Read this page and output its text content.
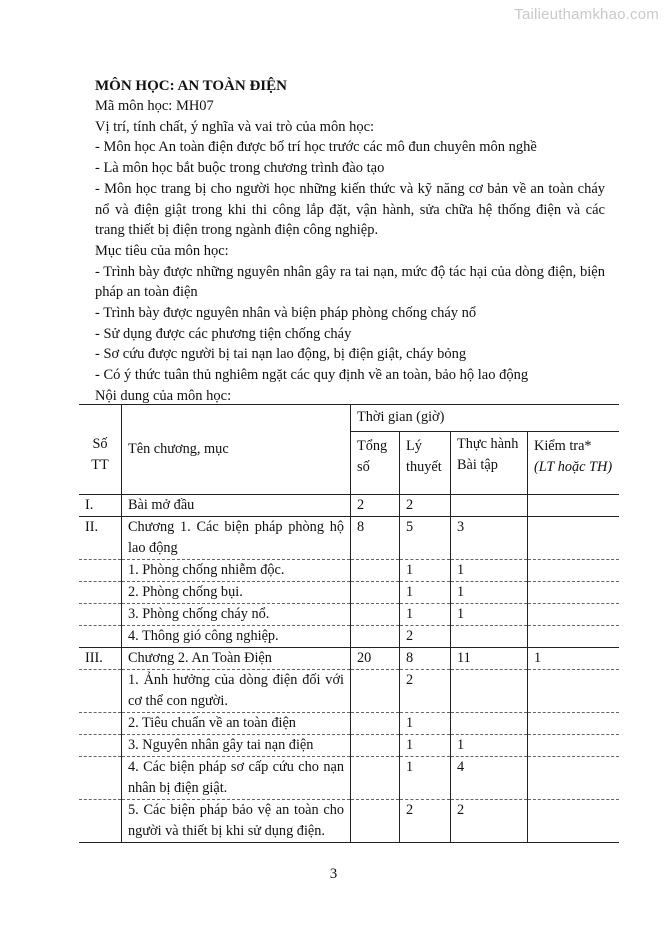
Tailieuthamkhao.com

MÔN HỌC: AN TOÀN ĐIỆN

Mã môn học: MH07

Vị trí, tính chất, ý nghĩa và vai trò của môn học:

- Môn học An toàn điện được bố trí học trước các mô đun chuyên môn nghề

- Là môn học bắt buộc trong chương trình đào tạo

- Môn học trang bị cho người học những kiến thức và kỹ năng cơ bản về an toàn cháy nổ và điện giật trong khi thi công lắp đặt, vận hành, sửa chữa hệ thống điện và các trang thiết bị điện trong ngành điện công nghiệp.

Mục tiêu của môn học:

- Trình bày được những nguyên nhân gây ra tai nạn, mức độ tác hại của dòng điện, biện pháp an toàn điện

- Trình bày được nguyên nhân và biện pháp phòng chống cháy nổ

- Sử dụng được các phương tiện chống cháy

- Sơ cứu được người bị tai nạn lao động, bị điện giật, cháy bỏng

- Có ý thức tuân thủ nghiêm ngặt các quy định về an toàn, bảo hộ lao động

Nội dung của môn học:

Số TT	Tên chương, mục	Thời gian (giờ)			
		Tổng số	Lý thuyết	Thực hành Bài tập	Kiểm tra*
(LT hoặc TH)

I.	Bài mở đầu	2	2		
II.	Chương 1. Các biện pháp phòng hộ lao động	8	5	3	
	1. Phòng chống nhiễm độc.		1	1	
	2. Phòng chống bụi.		1	1	
	3. Phòng chống cháy nổ.		1	1	
	4. Thông gió công nghiệp.		2		
III.	Chương 2. An Toàn Điện	20	8	11	1
	1. Ảnh hưởng của dòng điện đối với cơ thể con người.		2		
	2. Tiêu chuẩn về an toàn điện		1		
	3. Nguyên nhân gây tai nạn điện		1	1	
	4. Các biện pháp sơ cấp cứu cho nạn nhân bị điện giật.		1	4	
	5. Các biện pháp bảo vệ an toàn cho người và thiết bị khi sử dụng điện.		2	2	
3
